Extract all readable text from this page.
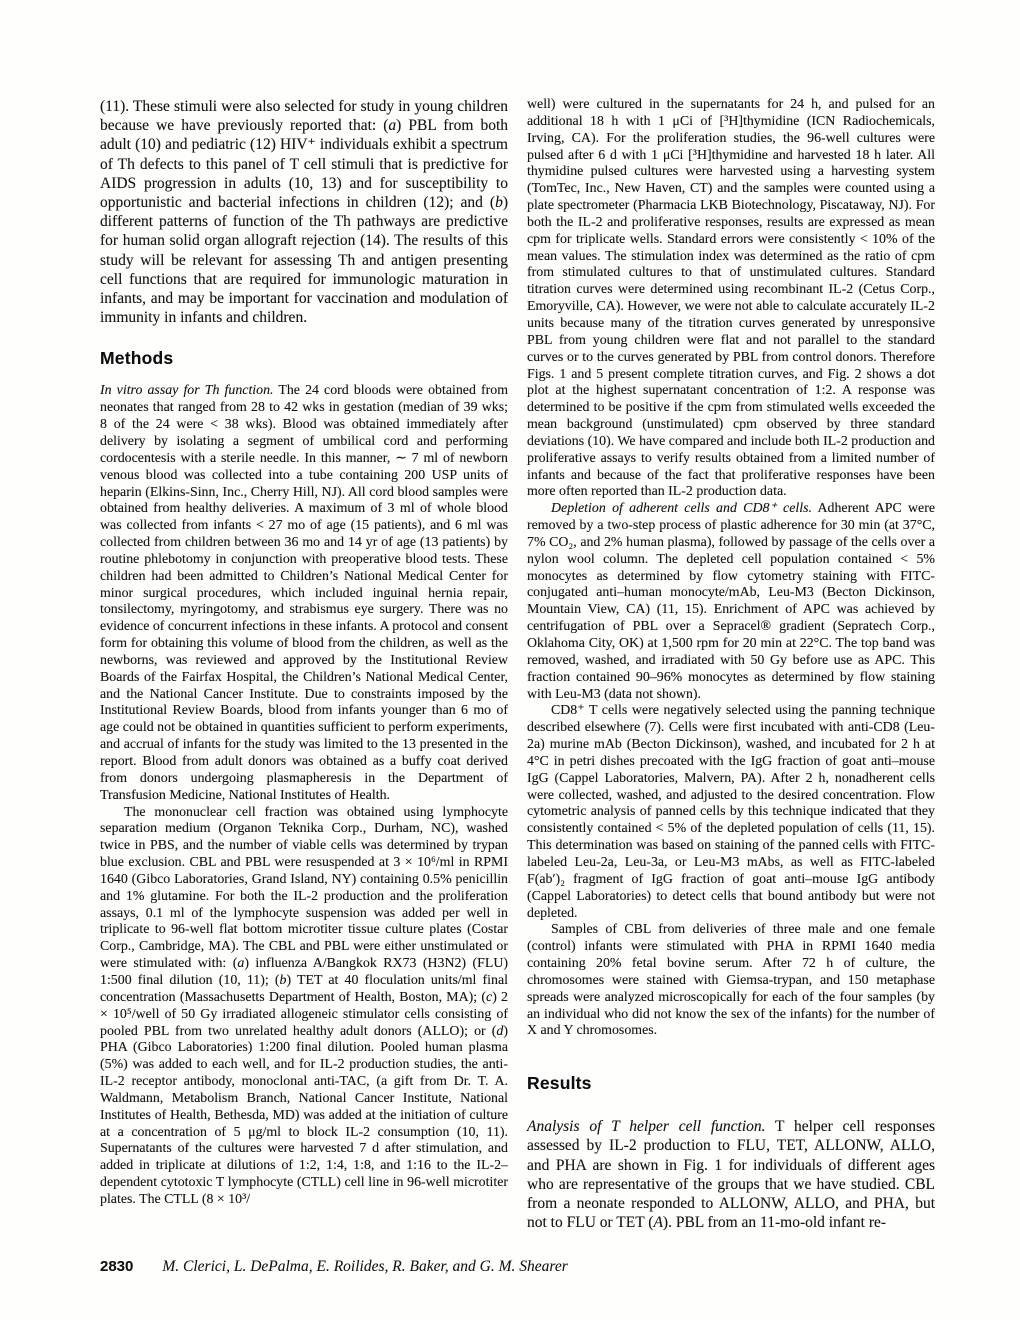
(11). These stimuli were also selected for study in young children because we have previously reported that: (a) PBL from both adult (10) and pediatric (12) HIV⁺ individuals exhibit a spectrum of Th defects to this panel of T cell stimuli that is predictive for AIDS progression in adults (10, 13) and for susceptibility to opportunistic and bacterial infections in children (12); and (b) different patterns of function of the Th pathways are predictive for human solid organ allograft rejection (14). The results of this study will be relevant for assessing Th and antigen presenting cell functions that are required for immunologic maturation in infants, and may be important for vaccination and modulation of immunity in infants and children.

Methods

In vitro assay for Th function. The 24 cord bloods were obtained from neonates that ranged from 28 to 42 wks in gestation (median of 39 wks; 8 of the 24 were < 38 wks). Blood was obtained immediately after delivery by isolating a segment of umbilical cord and performing cordocentesis with a sterile needle. In this manner, ∼ 7 ml of newborn venous blood was collected into a tube containing 200 USP units of heparin (Elkins-Sinn, Inc., Cherry Hill, NJ). All cord blood samples were obtained from healthy deliveries. A maximum of 3 ml of whole blood was collected from infants < 27 mo of age (15 patients), and 6 ml was collected from children between 36 mo and 14 yr of age (13 patients) by routine phlebotomy in conjunction with preoperative blood tests. These children had been admitted to Children’s National Medical Center for minor surgical procedures, which included inguinal hernia repair, tonsilectomy, myringotomy, and strabismus eye surgery. There was no evidence of concurrent infections in these infants. A protocol and consent form for obtaining this volume of blood from the children, as well as the newborns, was reviewed and approved by the Institutional Review Boards of the Fairfax Hospital, the Children’s National Medical Center, and the National Cancer Institute. Due to constraints imposed by the Institutional Review Boards, blood from infants younger than 6 mo of age could not be obtained in quantities sufficient to perform experiments, and accrual of infants for the study was limited to the 13 presented in the report. Blood from adult donors was obtained as a buffy coat derived from donors undergoing plasmapheresis in the Department of Transfusion Medicine, National Institutes of Health.

The mononuclear cell fraction was obtained using lymphocyte separation medium (Organon Teknika Corp., Durham, NC), washed twice in PBS, and the number of viable cells was determined by trypan blue exclusion. CBL and PBL were resuspended at 3 × 10⁶/ml in RPMI 1640 (Gibco Laboratories, Grand Island, NY) containing 0.5% penicillin and 1% glutamine. For both the IL-2 production and the proliferation assays, 0.1 ml of the lymphocyte suspension was added per well in triplicate to 96-well flat bottom microtiter tissue culture plates (Costar Corp., Cambridge, MA). The CBL and PBL were either unstimulated or were stimulated with: (a) influenza A/Bangkok RX73 (H3N2) (FLU) 1:500 final dilution (10, 11); (b) TET at 40 floculation units/ml final concentration (Massachusetts Department of Health, Boston, MA); (c) 2 × 10⁵/well of 50 Gy irradiated allogeneic stimulator cells consisting of pooled PBL from two unrelated healthy adult donors (ALLO); or (d) PHA (Gibco Laboratories) 1:200 final dilution. Pooled human plasma (5%) was added to each well, and for IL-2 production studies, the anti-IL-2 receptor antibody, monoclonal anti-TAC, (a gift from Dr. T. A. Waldmann, Metabolism Branch, National Cancer Institute, National Institutes of Health, Bethesda, MD) was added at the initiation of culture at a concentration of 5 μg/ml to block IL-2 consumption (10, 11). Supernatants of the cultures were harvested 7 d after stimulation, and added in triplicate at dilutions of 1:2, 1:4, 1:8, and 1:16 to the IL-2–dependent cytotoxic T lymphocyte (CTLL) cell line in 96-well microtiter plates. The CTLL (8 × 10³/

well) were cultured in the supernatants for 24 h, and pulsed for an additional 18 h with 1 μCi of [³H]thymidine (ICN Radiochemicals, Irving, CA). For the proliferation studies, the 96-well cultures were pulsed after 6 d with 1 μCi [³H]thymidine and harvested 18 h later. All thymidine pulsed cultures were harvested using a harvesting system (TomTec, Inc., New Haven, CT) and the samples were counted using a plate spectrometer (Pharmacia LKB Biotechnology, Piscataway, NJ). For both the IL-2 and proliferative responses, results are expressed as mean cpm for triplicate wells. Standard errors were consistently < 10% of the mean values. The stimulation index was determined as the ratio of cpm from stimulated cultures to that of unstimulated cultures. Standard titration curves were determined using recombinant IL-2 (Cetus Corp., Emoryville, CA). However, we were not able to calculate accurately IL-2 units because many of the titration curves generated by unresponsive PBL from young children were flat and not parallel to the standard curves or to the curves generated by PBL from control donors. Therefore Figs. 1 and 5 present complete titration curves, and Fig. 2 shows a dot plot at the highest supernatant concentration of 1:2. A response was determined to be positive if the cpm from stimulated wells exceeded the mean background (unstimulated) cpm observed by three standard deviations (10). We have compared and include both IL-2 production and proliferative assays to verify results obtained from a limited number of infants and because of the fact that proliferative responses have been more often reported than IL-2 production data.

Depletion of adherent cells and CD8⁺ cells. Adherent APC were removed by a two-step process of plastic adherence for 30 min (at 37°C, 7% CO₂, and 2% human plasma), followed by passage of the cells over a nylon wool column. The depleted cell population contained < 5% monocytes as determined by flow cytometry staining with FITC-conjugated anti–human monocyte/mAb, Leu-M3 (Becton Dickinson, Mountain View, CA) (11, 15). Enrichment of APC was achieved by centrifugation of PBL over a Sepracel® gradient (Sepratech Corp., Oklahoma City, OK) at 1,500 rpm for 20 min at 22°C. The top band was removed, washed, and irradiated with 50 Gy before use as APC. This fraction contained 90–96% monocytes as determined by flow staining with Leu-M3 (data not shown).

CD8⁺ T cells were negatively selected using the panning technique described elsewhere (7). Cells were first incubated with anti-CD8 (Leu-2a) murine mAb (Becton Dickinson), washed, and incubated for 2 h at 4°C in petri dishes precoated with the IgG fraction of goat anti–mouse IgG (Cappel Laboratories, Malvern, PA). After 2 h, nonadherent cells were collected, washed, and adjusted to the desired concentration. Flow cytometric analysis of panned cells by this technique indicated that they consistently contained < 5% of the depleted population of cells (11, 15). This determination was based on staining of the panned cells with FITC-labeled Leu-2a, Leu-3a, or Leu-M3 mAbs, as well as FITC-labeled F(ab′)₂ fragment of IgG fraction of goat anti–mouse IgG antibody (Cappel Laboratories) to detect cells that bound antibody but were not depleted.

Samples of CBL from deliveries of three male and one female (control) infants were stimulated with PHA in RPMI 1640 media containing 20% fetal bovine serum. After 72 h of culture, the chromosomes were stained with Giemsa-trypan, and 150 metaphase spreads were analyzed microscopically for each of the four samples (by an individual who did not know the sex of the infants) for the number of X and Y chromosomes.

Results

Analysis of T helper cell function. T helper cell responses assessed by IL-2 production to FLU, TET, ALLONW, ALLO, and PHA are shown in Fig. 1 for individuals of different ages who are representative of the groups that we have studied. CBL from a neonate responded to ALLONW, ALLO, and PHA, but not to FLU or TET (A). PBL from an 11-mo-old infant re-

2830 M. Clerici, L. DePalma, E. Roilides, R. Baker, and G. M. Shearer
